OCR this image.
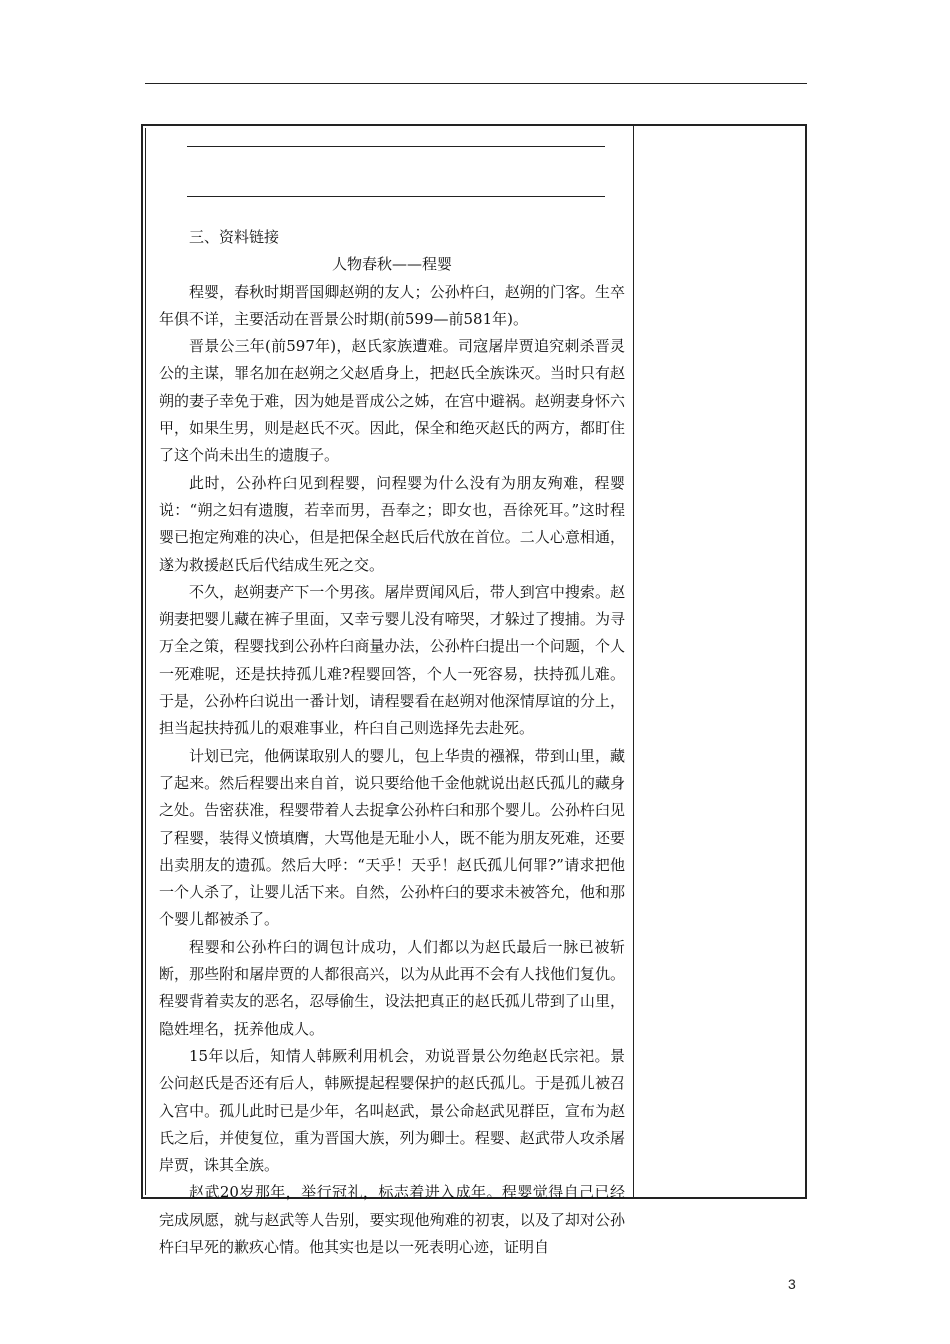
三、资料链接

人物春秋——程婴

程婴，春秋时期晋国卿赵朔的友人；公孙杵臼，赵朔的门客。生卒年俱不详，主要活动在晋景公时期(前599—前581年)。

晋景公三年(前597年)，赵氏家族遭难。司寇屠岸贾追究刺杀晋灵公的主谋，罪名加在赵朔之父赵盾身上，把赵氏全族诛灭。当时只有赵朔的妻子幸免于难，因为她是晋成公之姊，在宫中避祸。赵朔妻身怀六甲，如果生男，则是赵氏不灭。因此，保全和绝灭赵氏的两方，都盯住了这个尚未出生的遗腹子。

此时，公孙杵臼见到程婴，问程婴为什么没有为朋友殉难，程婴说：“朔之妇有遗腹，若幸而男，吾奉之；即女也，吾徐死耳。”这时程婴已抱定殉难的决心，但是把保全赵氏后代放在首位。二人心意相通，遂为救援赵氏后代结成生死之交。

不久，赵朔妻产下一个男孩。屠岸贾闻风后，带人到宫中搜索。赵朔妻把婴儿藏在裤子里面，又幸亏婴儿没有啼哭，才躲过了搜捕。为寻万全之策，程婴找到公孙杵臼商量办法，公孙杵臼提出一个问题，个人一死难呢，还是扶持孤儿难?程婴回答，个人一死容易，扶持孤儿难。于是，公孙杵臼说出一番计划，请程婴看在赵朔对他深情厚谊的分上，担当起扶持孤儿的艰难事业，杵臼自己则选择先去赴死。

计划已完，他俩谋取别人的婴儿，包上华贵的襁褓，带到山里，藏了起来。然后程婴出来自首，说只要给他千金他就说出赵氏孤儿的藏身之处。告密获准，程婴带着人去捉拿公孙杵臼和那个婴儿。公孙杵臼见了程婴，装得义愤填膺，大骂他是无耻小人，既不能为朋友死难，还要出卖朋友的遗孤。然后大呼：“天乎！天乎！赵氏孤儿何罪?”请求把他一个人杀了，让婴儿活下来。自然，公孙杵臼的要求未被答允，他和那个婴儿都被杀了。

程婴和公孙杵臼的调包计成功，人们都以为赵氏最后一脉已被斩断，那些附和屠岸贾的人都很高兴，以为从此再不会有人找他们复仇。程婴背着卖友的恶名，忍辱偷生，设法把真正的赵氏孤儿带到了山里，隐姓埋名，抚养他成人。

15年以后，知情人韩厥利用机会，劝说晋景公勿绝赵氏宗祀。景公问赵氏是否还有后人，韩厥提起程婴保护的赵氏孤儿。于是孤儿被召入宫中。孤儿此时已是少年，名叫赵武，景公命赵武见群臣，宣布为赵氏之后，并使复位，重为晋国大族，列为卿士。程婴、赵武带人攻杀屠岸贾，诛其全族。

赵武20岁那年，举行冠礼，标志着进入成年。程婴觉得自己已经完成夙愿，就与赵武等人告别，要实现他殉难的初衷，以及了却对公孙杵臼早死的歉疚心情。他其实也是以一死表明心迹，证明自

3
